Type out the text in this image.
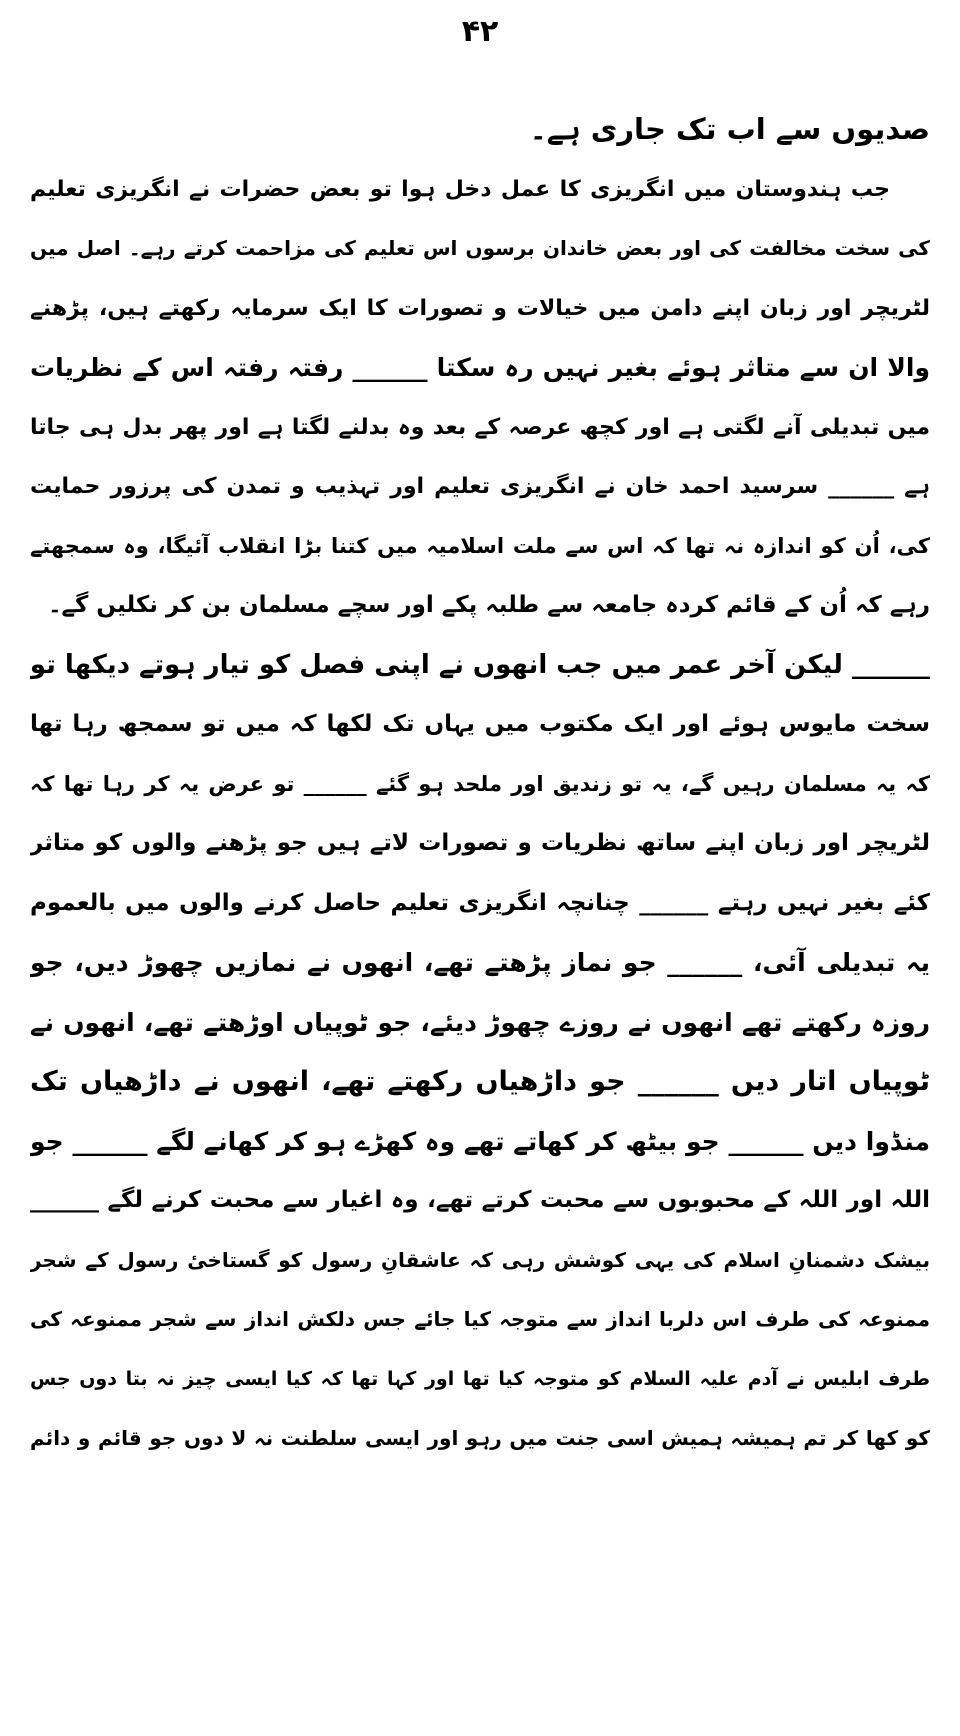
۴۲
صدیوں سے اب تک جاری ہے۔
جب ہندوستان میں انگریزی کا عمل دخل ہوا تو بعض حضرات نے انگریزی تعلیم
کی سخت مخالفت کی اور بعض خاندان برسوں اس تعلیم کی مزاحمت کرتے رہے۔ اصل میں
لٹریچر اور زبان اپنے دامن میں خیالات و تصورات کا ایک سرمایہ رکھتے ہیں، پڑھنے
والا ان سے متاثر ہوئے بغیر نہیں رہ سکتا ______ رفتہ رفتہ اس کے نظریات
میں تبدیلی آنے لگتی ہے اور کچھ عرصہ کے بعد وہ بدلنے لگتا ہے اور پھر بدل ہی جاتا
ہے ______ سرسید احمد خان نے انگریزی تعلیم اور تہذیب و تمدن کی پرزور حمایت
کی، اُن کو اندازہ نہ تھا کہ اس سے ملت اسلامیہ میں کتنا بڑا انقلاب آئیگا، وہ سمجھتے
رہے کہ اُن کے قائم کردہ جامعہ سے طلبہ پکے اور سچے مسلمان بن کر نکلیں گے۔
______ لیکن آخر عمر میں جب انھوں نے اپنی فصل کو تیار ہوتے دیکھا تو
سخت مایوس ہوئے اور ایک مکتوب میں یہاں تک لکھا کہ میں تو سمجھ رہا تھا
کہ یہ مسلمان رہیں گے، یہ تو زندیق اور ملحد ہو گئے ______ تو عرض یہ کر رہا تھا کہ
لٹریچر اور زبان اپنے ساتھ نظریات و تصورات لاتے ہیں جو پڑھنے والوں کو متاثر
کئے بغیر نہیں رہتے ______ چنانچہ انگریزی تعلیم حاصل کرنے والوں میں بالعموم
یہ تبدیلی آئی، ______ جو نماز پڑھتے تھے، انھوں نے نمازیں چھوڑ دیں، جو
روزہ رکھتے تھے انھوں نے روزے چھوڑ دیئے، جو ٹوپیاں اوڑھتے تھے، انھوں نے
ٹوپیاں اتار دیں ______ جو داڑھیاں رکھتے تھے، انھوں نے داڑھیاں تک
منڈوا دیں ______ جو بیٹھ کر کھاتے تھے وہ کھڑے ہو کر کھانے لگے ______ جو
اللہ اور اللہ کے محبوبوں سے محبت کرتے تھے، وہ اغیار سے محبت کرنے لگے ______
بیشک دشمنانِ اسلام کی یہی کوشش رہی کہ عاشقانِ رسول کو گستاخیٔ رسول کے شجر
ممنوعہ کی طرف اس دلربا انداز سے متوجہ کیا جائے جس دلکش انداز سے شجر ممنوعہ کی
طرف ابلیس نے آدم علیہ السلام کو متوجہ کیا تھا اور کہا تھا کہ کیا ایسی چیز نہ بتا دوں جس
کو کھا کر تم ہمیشہ ہمیش اسی جنت میں رہو اور ایسی سلطنت نہ لا دوں جو قائم و دائم
